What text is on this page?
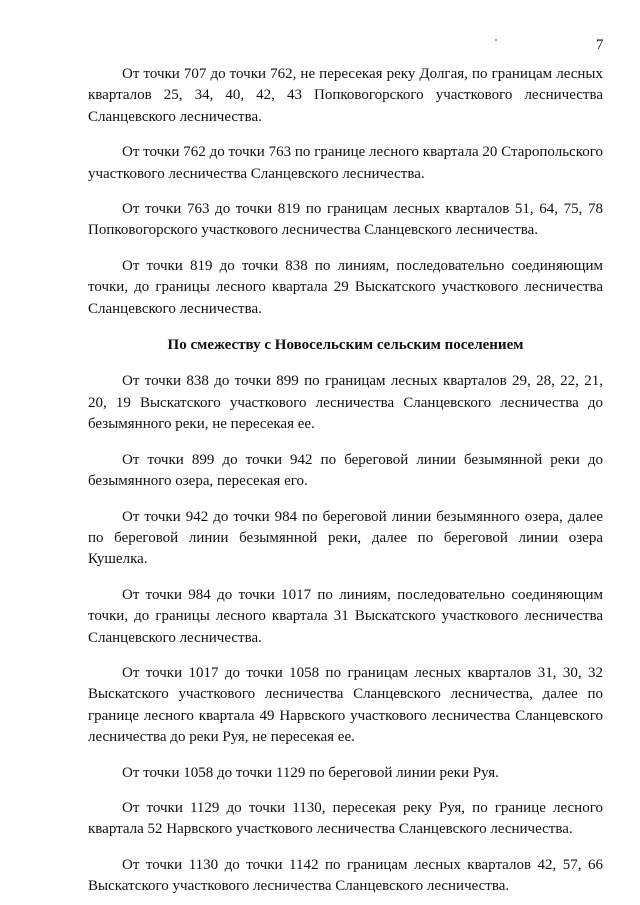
7

От точки 707 до точки 762, не пересекая реку Долгая, по границам лесных кварталов 25, 34, 40, 42, 43 Попковогорского участкового лесничества Сланцевского лесничества.

От точки 762 до точки 763 по границе лесного квартала 20 Старопольского участкового лесничества Сланцевского лесничества.

От точки 763 до точки 819 по границам лесных кварталов 51, 64, 75, 78 Попковогорского участкового лесничества Сланцевского лесничества.

От точки 819 до точки 838 по линиям, последовательно соединяющим точки, до границы лесного квартала 29 Выскатского участкового лесничества Сланцевского лесничества.

По смежеству с Новосельским сельским поселением

От точки 838 до точки 899 по границам лесных кварталов 29, 28, 22, 21, 20, 19 Выскатского участкового лесничества Сланцевского лесничества до безымянного реки, не пересекая ее.

От точки 899 до точки 942 по береговой линии безымянной реки до безымянного озера, пересекая его.

От точки 942 до точки 984 по береговой линии безымянного озера, далее по береговой линии безымянной реки, далее по береговой линии озера Кушелка.

От точки 984 до точки 1017 по линиям, последовательно соединяющим точки, до границы лесного квартала 31 Выскатского участкового лесничества Сланцевского лесничества.

От точки 1017 до точки 1058 по границам лесных кварталов 31, 30, 32 Выскатского участкового лесничества Сланцевского лесничества, далее по границе лесного квартала 49 Нарвского участкового лесничества Сланцевского лесничества до реки Руя, не пересекая ее.

От точки 1058 до точки 1129 по береговой линии реки Руя.

От точки 1129 до точки 1130, пересекая реку Руя, по границе лесного квартала 52 Нарвского участкового лесничества Сланцевского лесничества.

От точки 1130 до точки 1142 по границам лесных кварталов 42, 57, 66 Выскатского участкового лесничества Сланцевского лесничества.
